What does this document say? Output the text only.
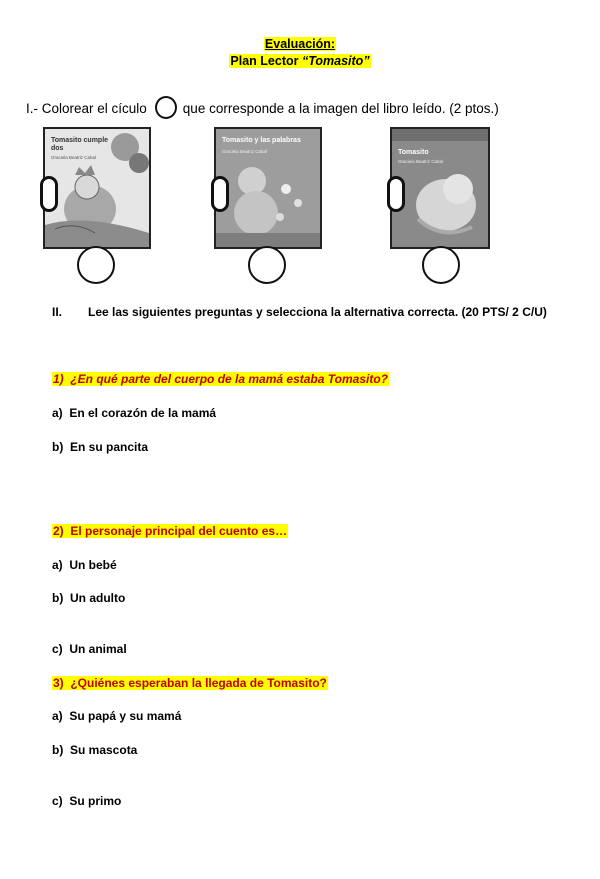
Evaluación:
Plan Lector “Tomasito”
I.- Colorear el cículo	que corresponde a la imagen del libro leído. (2 ptos.)
Tomasito cumple dos
Graciela Beatriz Cabal
Tomasito y las palabras
Graciela Beatriz Cabal	Tomasito
Graciela Beatriz Cabal
II. Lee las siguientes preguntas y selecciona la alternativa correcta. (20 PTS/ 2 C/U)
1) ¿En qué parte del cuerpo de la mamá estaba Tomasito?
a) En el corazón de la mamá
b) En su pancita
2) El personaje principal del cuento es…
a) Un bebé
b) Un adulto
c) Un animal
3) ¿Quiénes esperaban la llegada de Tomasito?
a) Su papá y su mamá
b) Su mascota
c) Su primo
